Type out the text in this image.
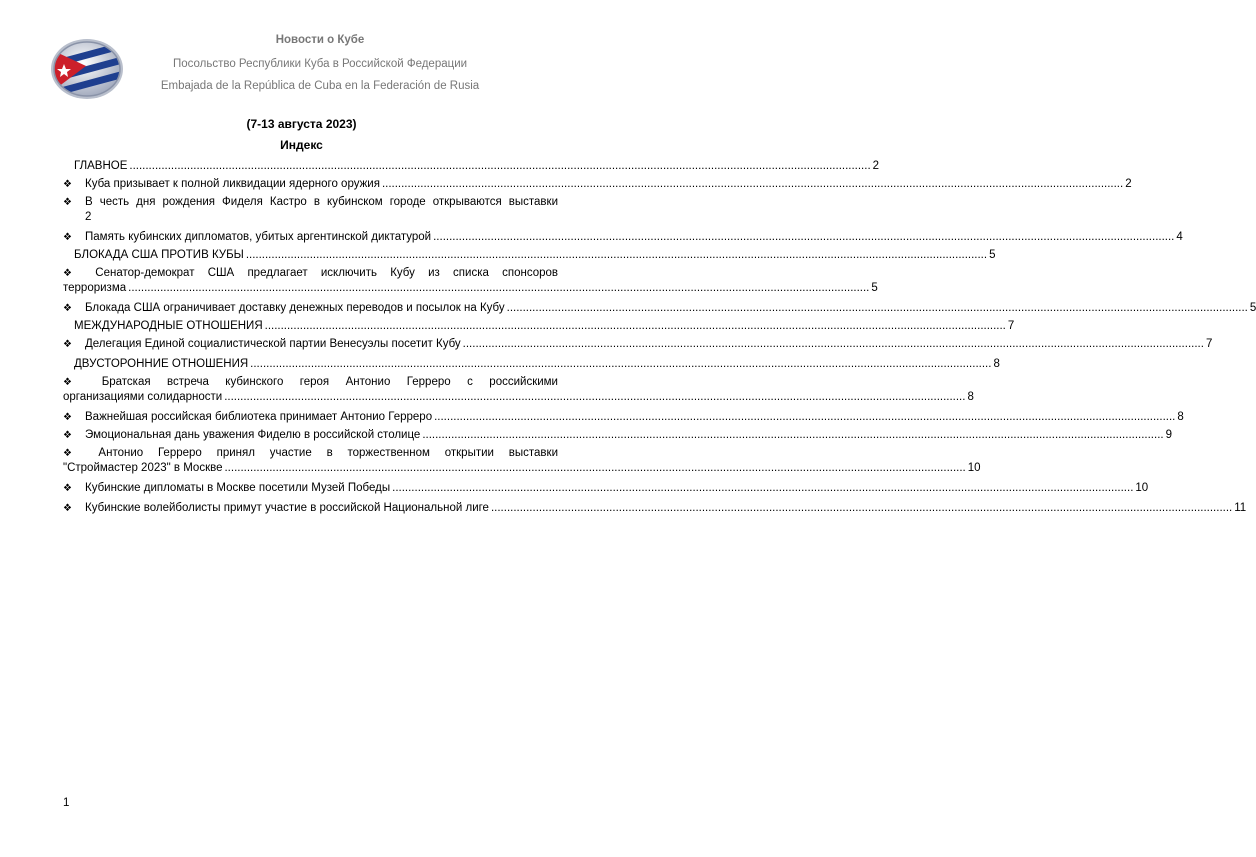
Новости о Кубе
Посольство Республики Куба в Российской Федерации
Embajada de la República de Cuba en la Federación de Rusia
(7-13 августа 2023)
Индекс
ГЛАВНОЕ .....	2
❖	Куба призывает к полной ликвидации ядерного оружия .....	2
❖	В честь дня рождения Фиделя Кастро в кубинском городе открываются выставки
2
❖	Память кубинских дипломатов, убитых аргентинской диктатурой .....	4
БЛОКАДА США ПРОТИВ КУБЫ .....	5
❖ Сенатор-демократ США предлагает исключить Кубу из списка спонсоров
терроризма .....	5
❖	Блокада США ограничивает доставку денежных переводов и посылок на Кубу .....	5
МЕЖДУНАРОДНЫЕ ОТНОШЕНИЯ .....	7
❖	Делегация Единой социалистической партии Венесуэлы посетит Кубу .....	7
ДВУСТОРОННИЕ ОТНОШЕНИЯ .....	8
❖ Братская встреча кубинского героя Антонио Герреро с российскими
организациями солидарности .....	8
❖	Важнейшая российская библиотека принимает Антонио Герреро .....	8
❖	Эмоциональная дань уважения Фиделю в российской столице .....	9
❖ Антонио Герреро принял участие в торжественном открытии выставки
"Строймастер 2023" в Москве .....	10
❖	Кубинские дипломаты в Москве посетили Музей Победы .....	10
❖	Кубинские волейболисты примут участие в российской Национальной лиге .....	11
1
